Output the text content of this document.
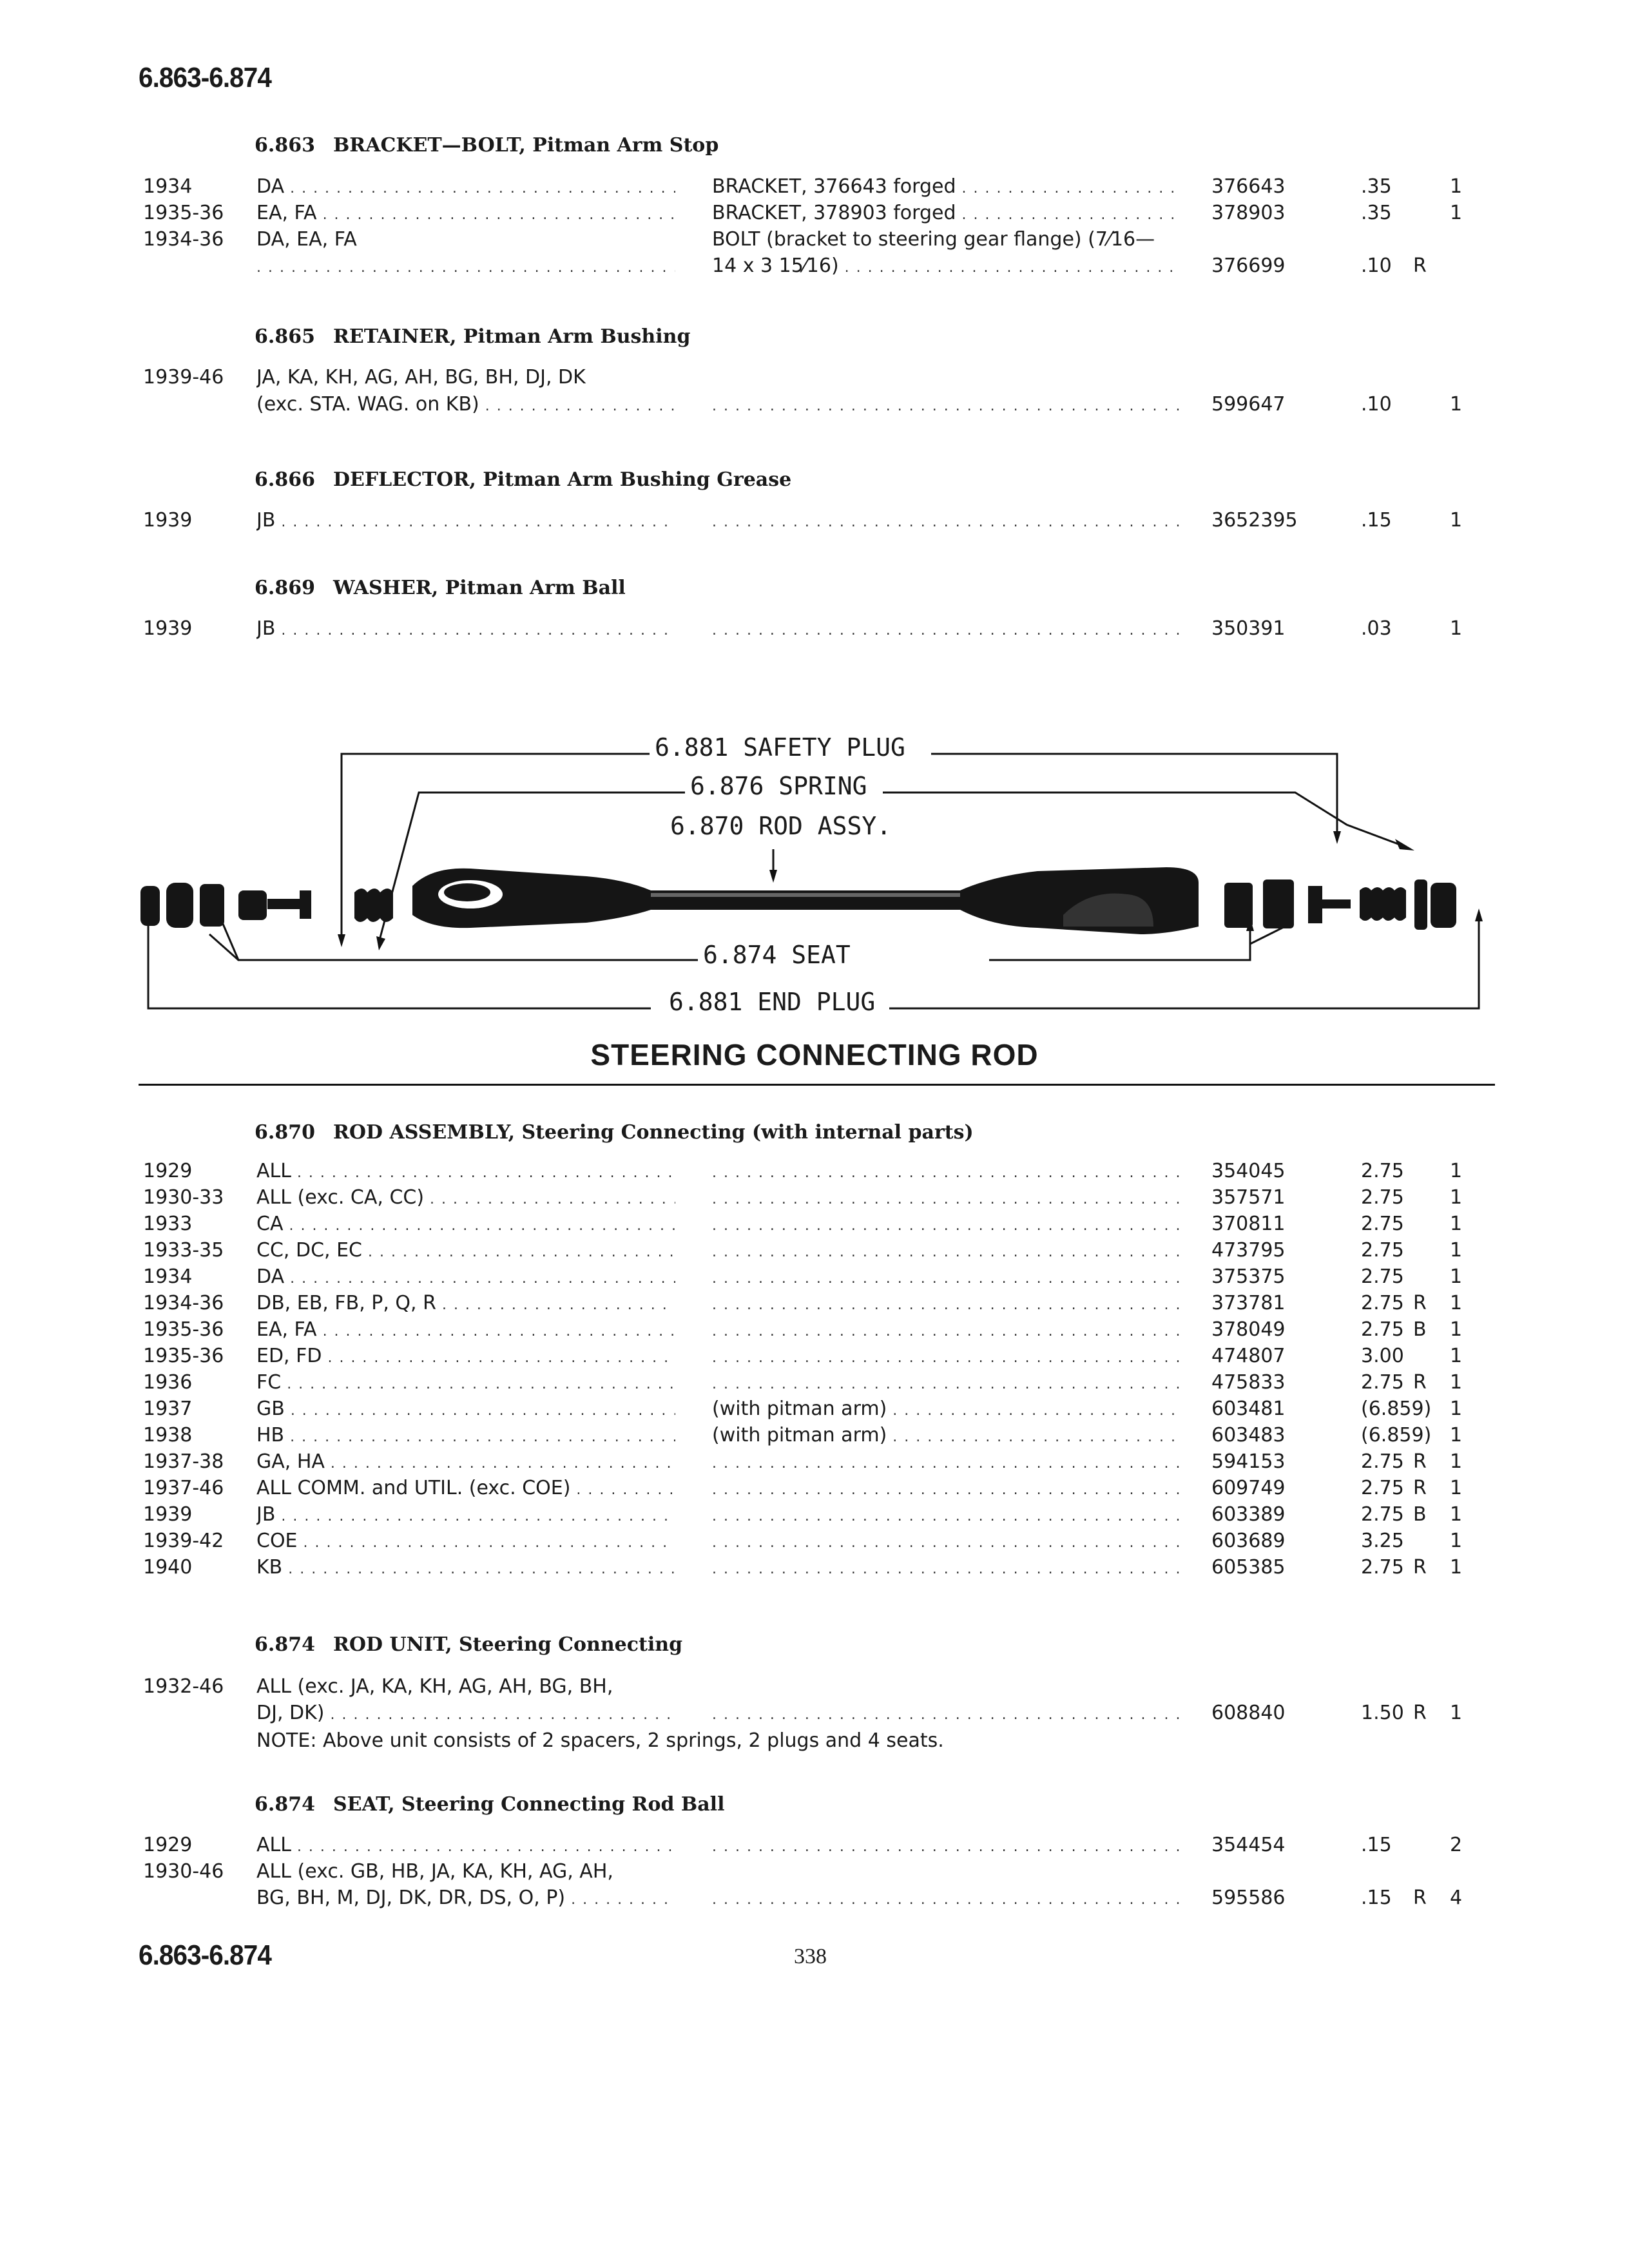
6.863-6.874
6.863 BRACKET—BOLT, Pitman Arm Stop
1934	DA . . .	BRACKET, 376643 forged . . .	376643	.35	1
1935-36 EA, FA . . .	BRACKET, 378903 forged . . .	378903	.35	1
1934-36 DA, EA, FA	BOLT (bracket to steering gear flange) (7⁄16—
. . .
14 x 3 15⁄16) . . .	376699	.10 R
6.865 RETAINER, Pitman Arm Bushing
1939-46 JA, KA, KH, AG, AH, BG, BH, DJ, DK
(exc. STA. WAG. on KB) . . . . . .	599647	.10	1
6.866 DEFLECTOR, Pitman Arm Bushing Grease
1939	JB . . . . . .	3652395	.15	1
6.869 WASHER, Pitman Arm Ball
1939	JB . . . . . .	350391	.03	1
6.881 SAFETY PLUG
6.876 SPRING
6.870 ROD ASSY.
6.874 SEAT
6.881 END PLUG
STEERING CONNECTING ROD
6.870 ROD ASSEMBLY, Steering Connecting (with internal parts)
1929	ALL . . . . . .	354045	2.75 1
1930-33 ALL (exc. CA, CC) . . . . . .	357571	2.75 1
1933	CA . . . . . .	370811	2.75 1
1933-35 CC, DC, EC . . . . . .	473795	2.75 1
1934	DA . . . . . .	375375	2.75 1
1934-36 DB, EB, FB, P, Q, R . . . . . .	373781	2.75 R 1
1935-36 EA, FA . . . . . .	378049	2.75 B 1
1935-36 ED, FD . . . . . .	474807	3.00 1
1936	FC . . . . . .	475833	2.75 R 1
1937	GB . . .	(with pitman arm) . . .	603481	(6.859) 1
1938	HB . . .	(with pitman arm) . . .	603483	(6.859) 1
1937-38 GA, HA . . . . . .	594153	2.75 R 1
1937-46 ALL COMM. and UTIL. (exc. COE) . . . . . .	609749	2.75 R 1
1939	JB . . . . . .	603389	2.75 B 1
1939-42 COE . . . . . .	603689	3.25 1
1940	KB . . . . . .	605385	2.75 R 1
6.874 ROD UNIT, Steering Connecting
1932-46 ALL (exc. JA, KA, KH, AG, AH, BG, BH,
DJ, DK) . . . . . .	608840	1.50 R 1
NOTE: Above unit consists of 2 spacers, 2 springs, 2 plugs and 4 seats.
6.874 SEAT, Steering Connecting Rod Ball
1929	ALL . . . . . .	354454	.15	2
1930-46 ALL (exc. GB, HB, JA, KA, KH, AG, AH,
BG, BH, M, DJ, DK, DR, DS, O, P) . . . . . .	595586	.15 R 4
6.863-6.874	338
